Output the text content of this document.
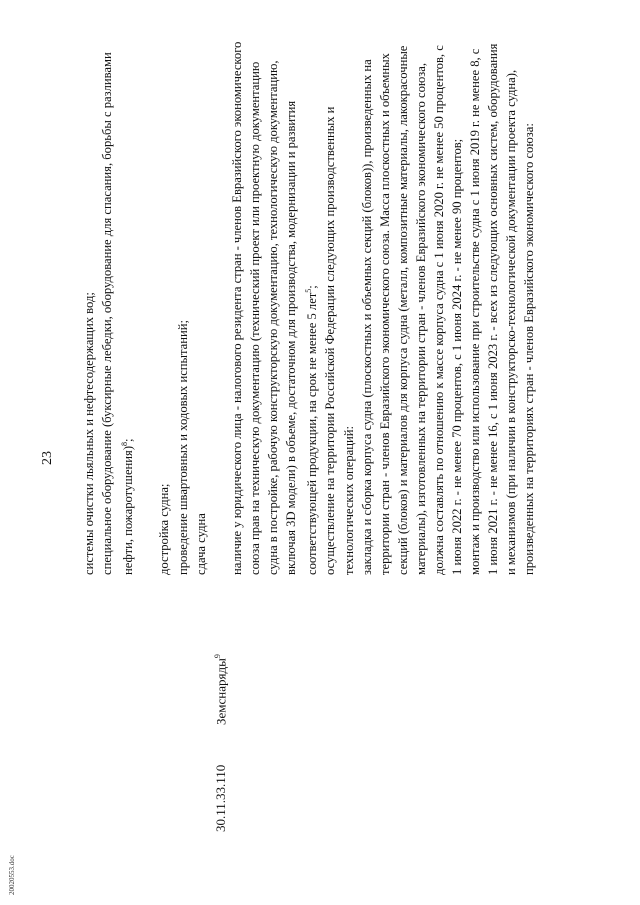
23
30.11.33.110
Земснаряды$^9$

системы очистки льяльных и нефтесодержащих вод; специальное оборудование (буксирные лебедки, оборудование для спасания, борьбы с разливами нефти, пожаротушения)$^8$;

достройка судна; проведение швартовных и ходовых испытаний; сдача судна наличие у юридического лица - налогового резидента стран - членов Евразийского экономического союза прав на техническую документацию (технический проект или проектную документацию судна в постройке, рабочую конструкторскую документацию, технологическую документацию, включая 3D модели) в объеме, достаточном для производства, модернизации и развития соответствующей продукции, на срок не менее 5 лет$^5$; осуществление на территории Российской Федерации следующих производственных и технологических операций: закладка и сборка корпуса судна (плоскостных и объемных секций (блоков)), произведенных на территории стран - членов Евразийского экономического союза. Масса плоскостных и объемных секций (блоков) и материалов для корпуса судна (металл, композитные материалы, лакокрасочные материалы), изготовленных на территории стран - членов Евразийского экономического союза, должна составлять по отношению к массе корпуса судна с 1 июня 2020 г. не менее 50 процентов, с 1 июня 2022 г. - не менее 70 процентов, с 1 июня 2024 г. - не менее 90 процентов; монтаж и производство или использование при строительстве судна с 1 июня 2019 г. не менее 8, с 1 июня 2021 г. - не менее 16, с 1 июня 2023 г. - всех из следующих основных систем, оборудования и механизмов (при наличии в конструкторско-технологической документации проекта судна), произведенных на территориях стран - членов Евразийского экономического союза:

20020553.doc
